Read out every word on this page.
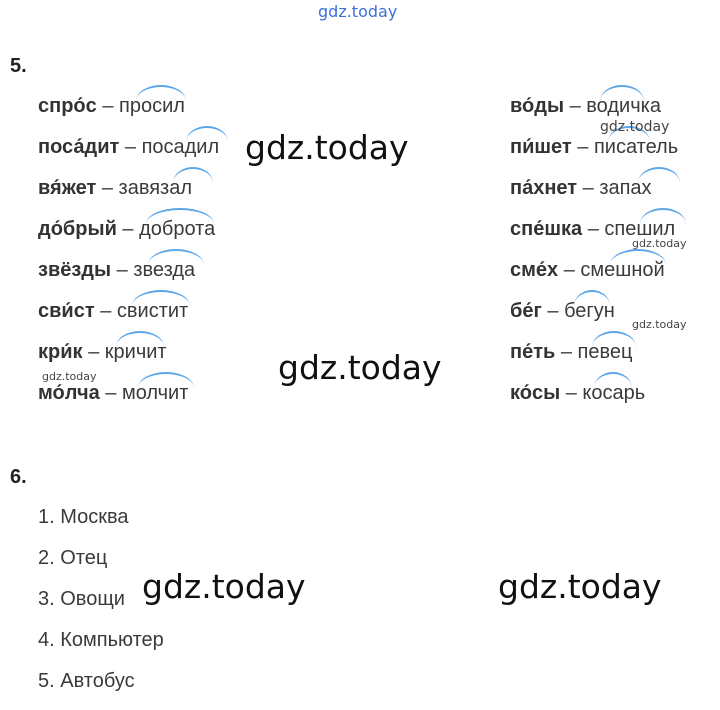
gdz.today
5.
спро́с – просил
поса́дит – посадил
вя́жет – завязал
до́брый – доброта
звёзды – звезда
сви́ст – свистит
кри́к – кричит
мо́лча – молчит
во́ды – водичка
пи́шет – писатель
па́хнет – запах
спе́шка – спешил
сме́х – смешной
бе́г – бегун
пе́ть – певец
ко́сы – косарь
6.
1. Москва
2. Отец
3. Овощи
4. Компьютер
5. Автобус
gdz.today
gdz.today
gdz.today	gdz.today
gdz.today
gdz.today
gdz.today
gdz.today
